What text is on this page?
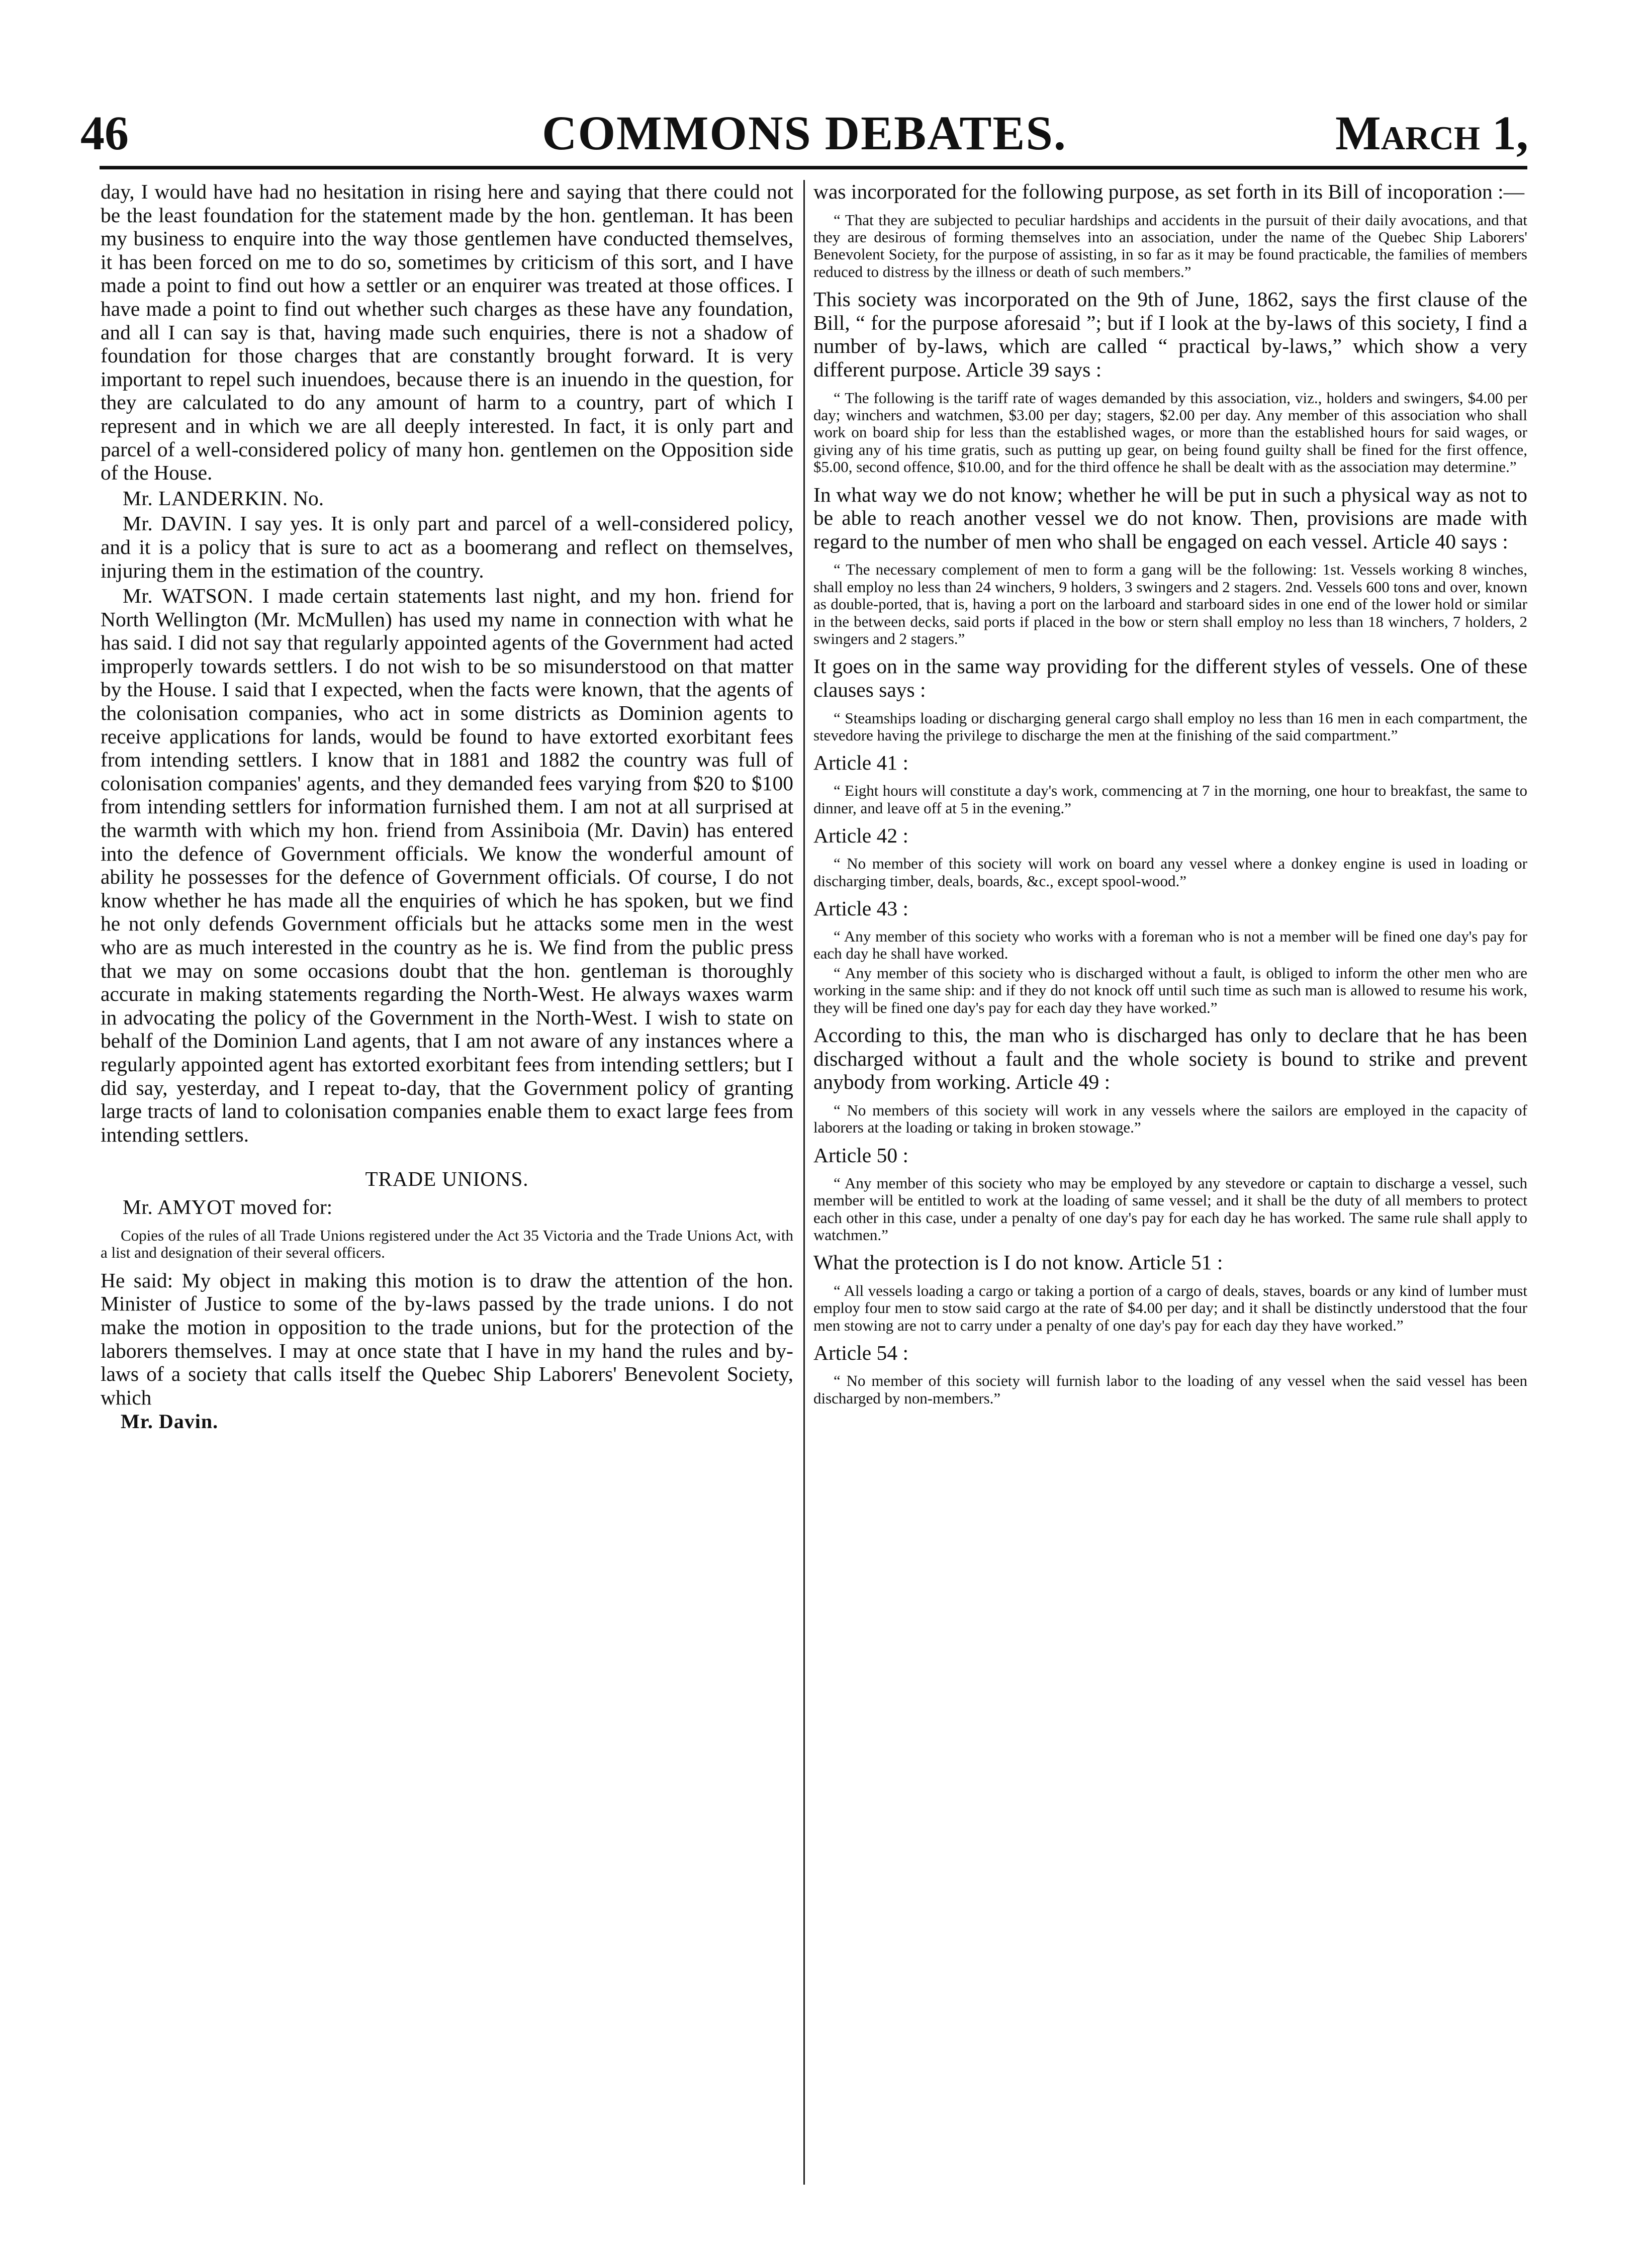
COMMONS DEBATES.
46	March 1,

day, I would have had no hesitation in rising here and saying that there could not be the least foundation for the statement made by the hon. gentleman. It has been my business to enquire into the way those gentlemen have conducted themselves, it has been forced on me to do so, sometimes by criticism of this sort, and I have made a point to find out how a settler or an enquirer was treated at those offices. I have made a point to find out whether such charges as these have any foundation, and all I can say is that, having made such enquiries, there is not a shadow of foundation for those charges that are constantly brought forward. It is very important to repel such inuendoes, because there is an inuendo in the question, for they are calculated to do any amount of harm to a country, part of which I represent and in which we are all deeply interested. In fact, it is only part and parcel of a well-considered policy of many hon. gentlemen on the Opposition side of the House.

Mr. LANDERKIN. No.

Mr. DAVIN. I say yes. It is only part and parcel of a well-considered policy, and it is a policy that is sure to act as a boomerang and reflect on themselves, injuring them in the estimation of the country.

Mr. WATSON. I made certain statements last night, and my hon. friend for North Wellington (Mr. McMullen) has used my name in connection with what he has said. I did not say that regularly appointed agents of the Government had acted improperly towards settlers. I do not wish to be so misunderstood on that matter by the House. I said that I expected, when the facts were known, that the agents of the colonisation companies, who act in some districts as Dominion agents to receive applications for lands, would be found to have extorted exorbitant fees from intending settlers. I know that in 1881 and 1882 the country was full of colonisation companies' agents, and they demanded fees varying from $20 to $100 from intending settlers for information furnished them. I am not at all surprised at the warmth with which my hon. friend from Assiniboia (Mr. Davin) has entered into the defence of Government officials. We know the wonderful amount of ability he possesses for the defence of Government officials. Of course, I do not know whether he has made all the enquiries of which he has spoken, but we find he not only defends Government officials but he attacks some men in the west who are as much interested in the country as he is. We find from the public press that we may on some occasions doubt that the hon. gentleman is thoroughly accurate in making statements regarding the North-West. He always waxes warm in advocating the policy of the Government in the North-West. I wish to state on behalf of the Dominion Land agents, that I am not aware of any instances where a regularly appointed agent has extorted exorbitant fees from intending settlers; but I did say, yesterday, and I repeat to-day, that the Government policy of granting large tracts of land to colonisation companies enable them to exact large fees from intending settlers.

TRADE UNIONS.

Mr. AMYOT moved for:

Copies of the rules of all Trade Unions registered under the Act 35 Victoria and the Trade Unions Act, with a list and designation of their several officers.

He said: My object in making this motion is to draw the attention of the hon. Minister of Justice to some of the by-laws passed by the trade unions. I do not make the motion in opposition to the trade unions, but for the protection of the laborers themselves. I may at once state that I have in my hand the rules and by-laws of a society that calls itself the Quebec Ship Laborers' Benevolent Society, which

Mr. Davin.

was incorporated for the following purpose, as set forth in its Bill of incoporation :—

“ That they are subjected to peculiar hardships and accidents in the pursuit of their daily avocations, and that they are desirous of forming themselves into an association, under the name of the Quebec Ship Laborers' Benevolent Society, for the purpose of assisting, in so far as it may be found practicable, the families of members reduced to distress by the illness or death of such members.”

This society was incorporated on the 9th of June, 1862, says the first clause of the Bill, “ for the purpose aforesaid ”; but if I look at the by-laws of this society, I find a number of by-laws, which are called “ practical by-laws,” which show a very different purpose. Article 39 says :

“ The following is the tariff rate of wages demanded by this association, viz., holders and swingers, $4.00 per day; winchers and watchmen, $3.00 per day; stagers, $2.00 per day. Any member of this association who shall work on board ship for less than the established wages, or more than the established hours for said wages, or giving any of his time gratis, such as putting up gear, on being found guilty shall be fined for the first offence, $5.00, second offence, $10.00, and for the third offence he shall be dealt with as the association may determine.”

In what way we do not know; whether he will be put in such a physical way as not to be able to reach another vessel we do not know. Then, provisions are made with regard to the number of men who shall be engaged on each vessel. Article 40 says :

“ The necessary complement of men to form a gang will be the following: 1st. Vessels working 8 winches, shall employ no less than 24 winchers, 9 holders, 3 swingers and 2 stagers. 2nd. Vessels 600 tons and over, known as double-ported, that is, having a port on the larboard and starboard sides in one end of the lower hold or similar in the between decks, said ports if placed in the bow or stern shall employ no less than 18 winchers, 7 holders, 2 swingers and 2 stagers.”

It goes on in the same way providing for the different styles of vessels. One of these clauses says :

“ Steamships loading or discharging general cargo shall employ no less than 16 men in each compartment, the stevedore having the privilege to discharge the men at the finishing of the said compartment.”

Article 41 :

“ Eight hours will constitute a day's work, commencing at 7 in the morning, one hour to breakfast, the same to dinner, and leave off at 5 in the evening.”

Article 42 :

“ No member of this society will work on board any vessel where a donkey engine is used in loading or discharging timber, deals, boards, &c., except spool-wood.”

Article 43 :

“ Any member of this society who works with a foreman who is not a member will be fined one day's pay for each day he shall have worked.

“ Any member of this society who is discharged without a fault, is obliged to inform the other men who are working in the same ship: and if they do not knock off until such time as such man is allowed to resume his work, they will be fined one day's pay for each day they have worked.”

According to this, the man who is discharged has only to declare that he has been discharged without a fault and the whole society is bound to strike and prevent anybody from working. Article 49 :

“ No members of this society will work in any vessels where the sailors are employed in the capacity of laborers at the loading or taking in broken stowage.”

Article 50 :

“ Any member of this society who may be employed by any stevedore or captain to discharge a vessel, such member will be entitled to work at the loading of same vessel; and it shall be the duty of all members to protect each other in this case, under a penalty of one day's pay for each day he has worked. The same rule shall apply to watchmen.”

What the protection is I do not know. Article 51 :

“ All vessels loading a cargo or taking a portion of a cargo of deals, staves, boards or any kind of lumber must employ four men to stow said cargo at the rate of $4.00 per day; and it shall be distinctly understood that the four men stowing are not to carry under a penalty of one day's pay for each day they have worked.”

Article 54 :

“ No member of this society will furnish labor to the loading of any vessel when the said vessel has been discharged by non-members.”
